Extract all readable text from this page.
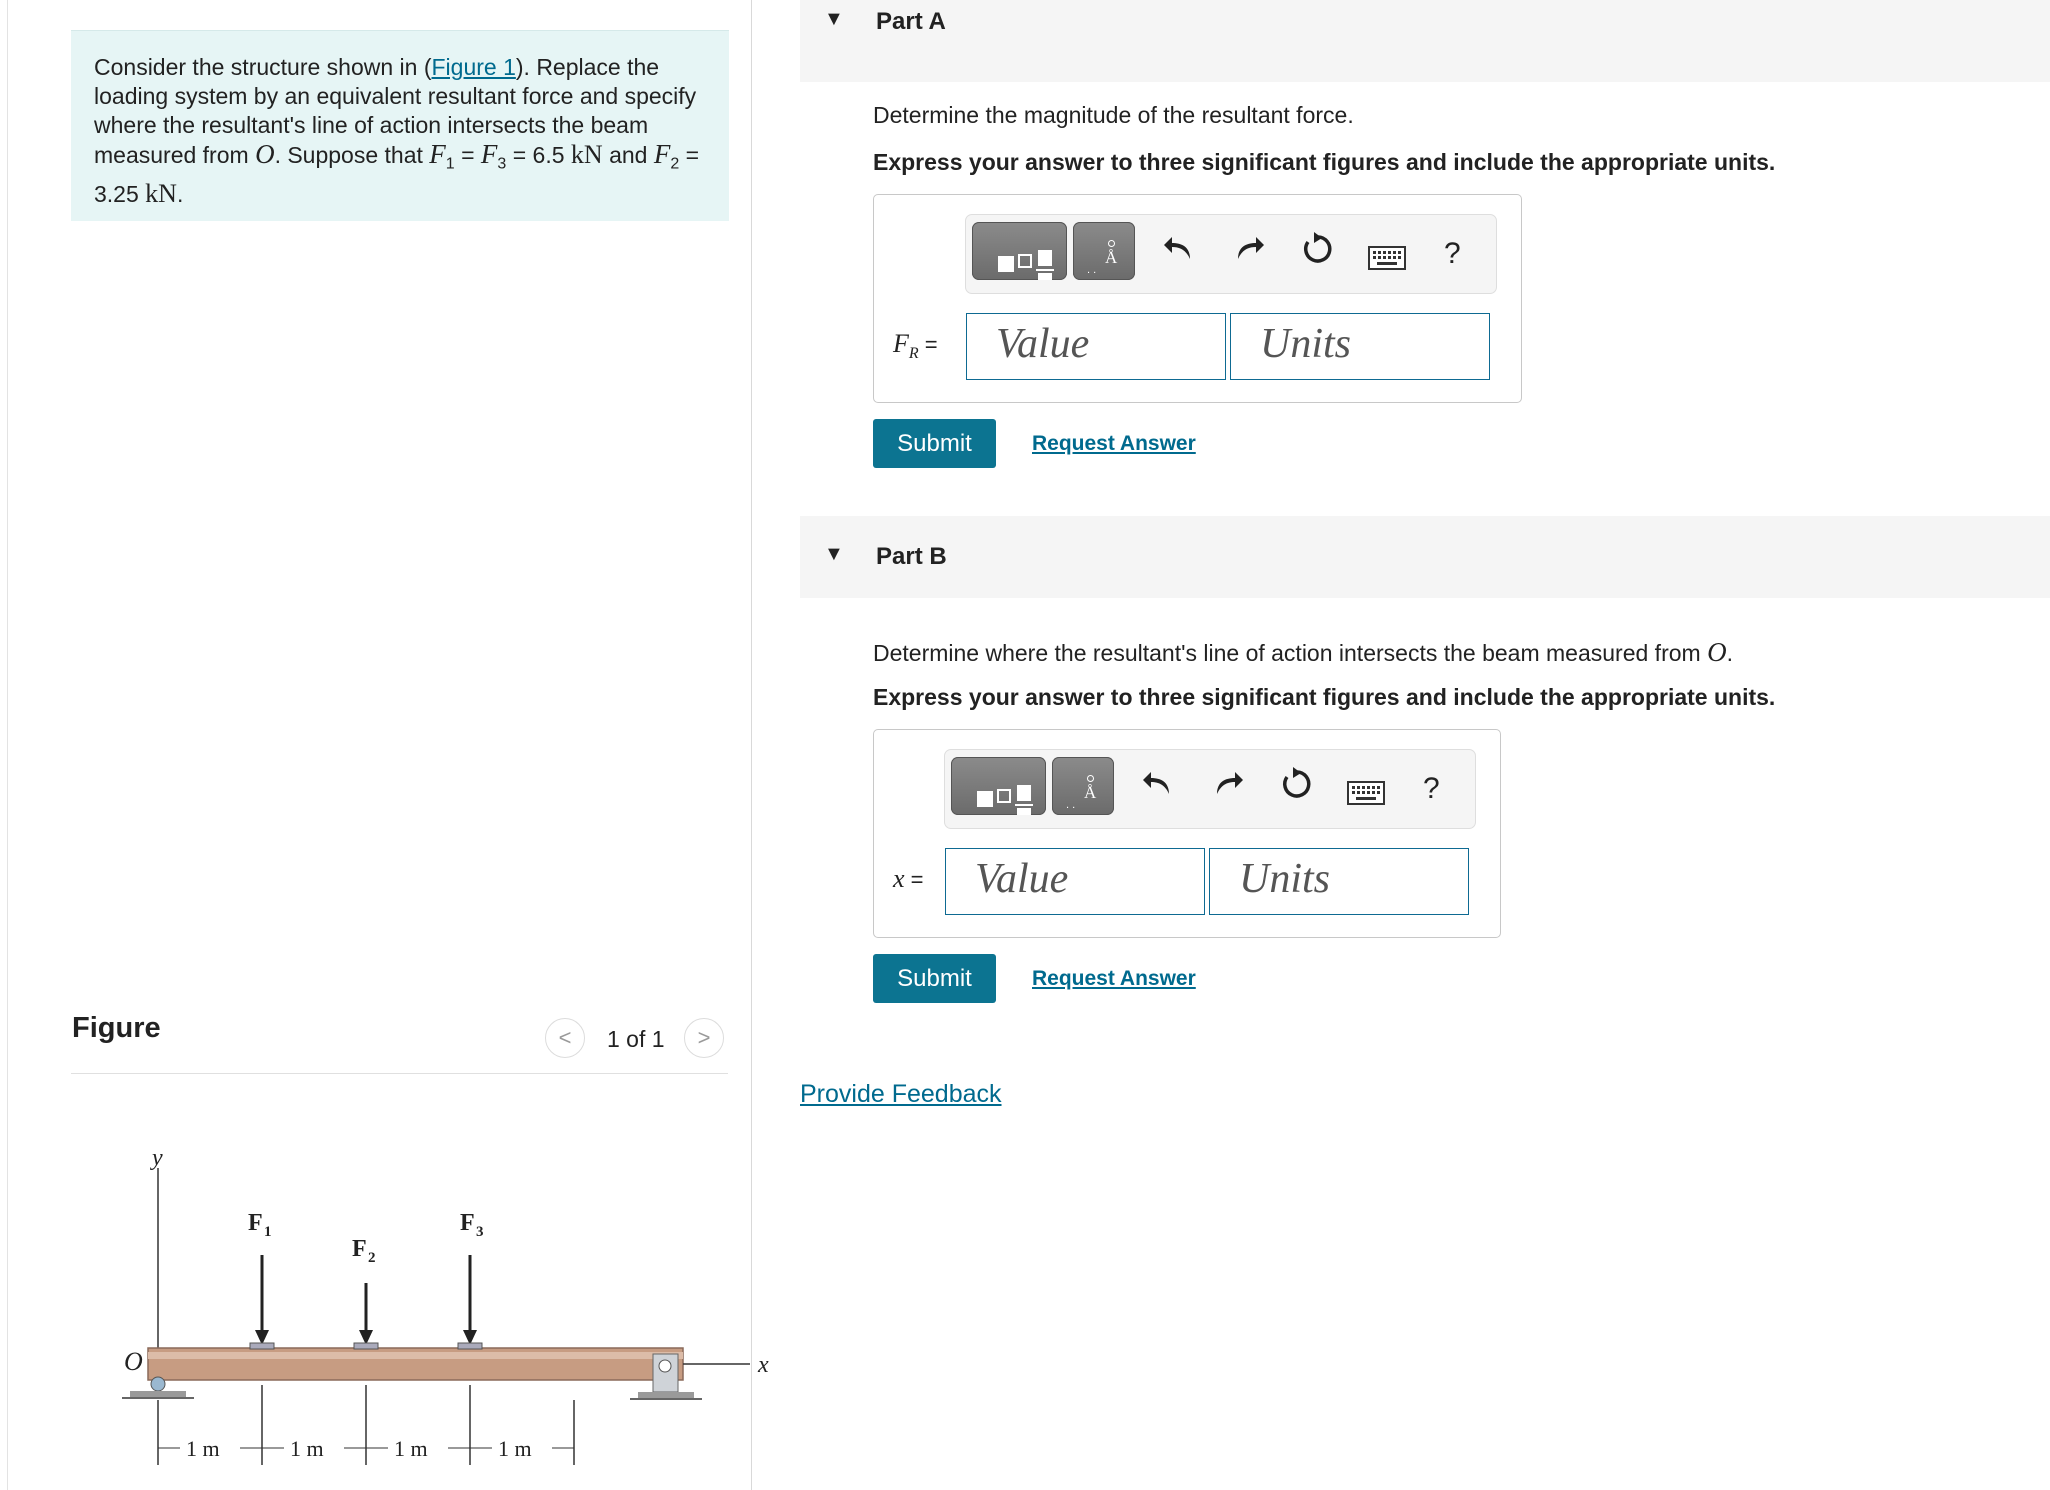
Consider the structure shown in (Figure 1). Replace the loading system by an equivalent resultant force and specify where the resultant's line of action intersects the beam measured from O. Suppose that $F_1 = F_3 = 6.5$ kN and $F_2 = 3.25$ kN.
Figure	< 1 of 1 >
y
x
O
F 1
F 2
F 3
1 m	1 m	1 m	1 m
▼ Part A
Determine the magnitude of the resultant force.
Express your answer to three significant figures and include the appropriate units.
Å
. .	?
$F_R$ =	Value	Units
Submit	Request Answer
▼ Part B
Determine where the resultant's line of action intersects the beam measured from O.
Express your answer to three significant figures and include the appropriate units.
Å
. .	?
x =	Value	Units
Submit	Request Answer
Provide Feedback
